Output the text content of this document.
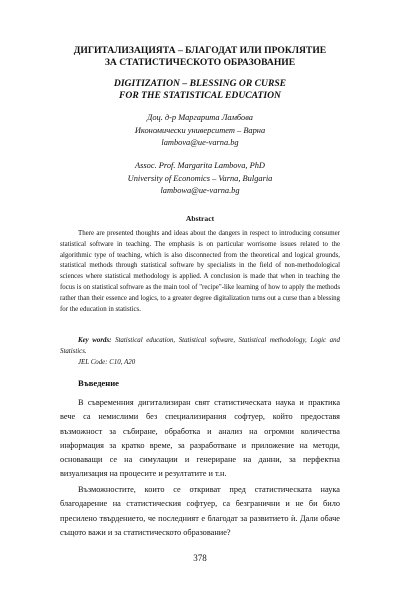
ДИГИТАЛИЗАЦИЯТА – БЛАГОДАТ ИЛИ ПРОКЛЯТИЕ
ЗА СТАТИСТИЧЕСКОТО ОБРАЗОВАНИЕ
DIGITIZATION – BLESSING OR CURSE
FOR THE STATISTICAL EDUCATION
Доц. д-р Маргарита Ламбова
Икономически университет – Варна
lambova@ue-varna.bg
Assoc. Prof. Margarita Lambova, PhD
University of Economics – Varna, Bulgaria
lambowa@ue-varna.bg
Abstract
There are presented thoughts and ideas about the dangers in respect to introducing consumer statistical software in teaching. The emphasis is on particular worrisome issues related to the algorithmic type of teaching, which is also disconnected from the theoretical and logical grounds, statistical methods through statistical software by specialists in the field of non-methodological sciences where statistical methodology is applied. A conclusion is made that when in teaching the focus is on statistical software as the main tool of "recipe"-like learning of how to apply the methods rather than their essence and logics, to a greater degree digitalization turns out a curse than a blessing for the education in statistics.
Key words: Statistical education, Statistical software, Statistical methodology, Logic and Statistics.
JEL Code: C10, A20
Въведение
В съвременния дигитализиран свят статистическата наука и практика вече са немислими без специализирания софтуер, който предоставя възможност за събиране, обработка и анализ на огромни количества информация за кратко време, за разработване и приложение на методи, основаващи се на симулации и генериране на данни, за перфектна визуализация на процесите и резултатите и т.н.
Възможностите, които се откриват пред статистическата наука благодарение на статистическия софтуер, са безгранични и не би било пресилено твърдението, че последният е благодат за развитието ѝ. Дали обаче същото важи и за статистическото образование?
378
